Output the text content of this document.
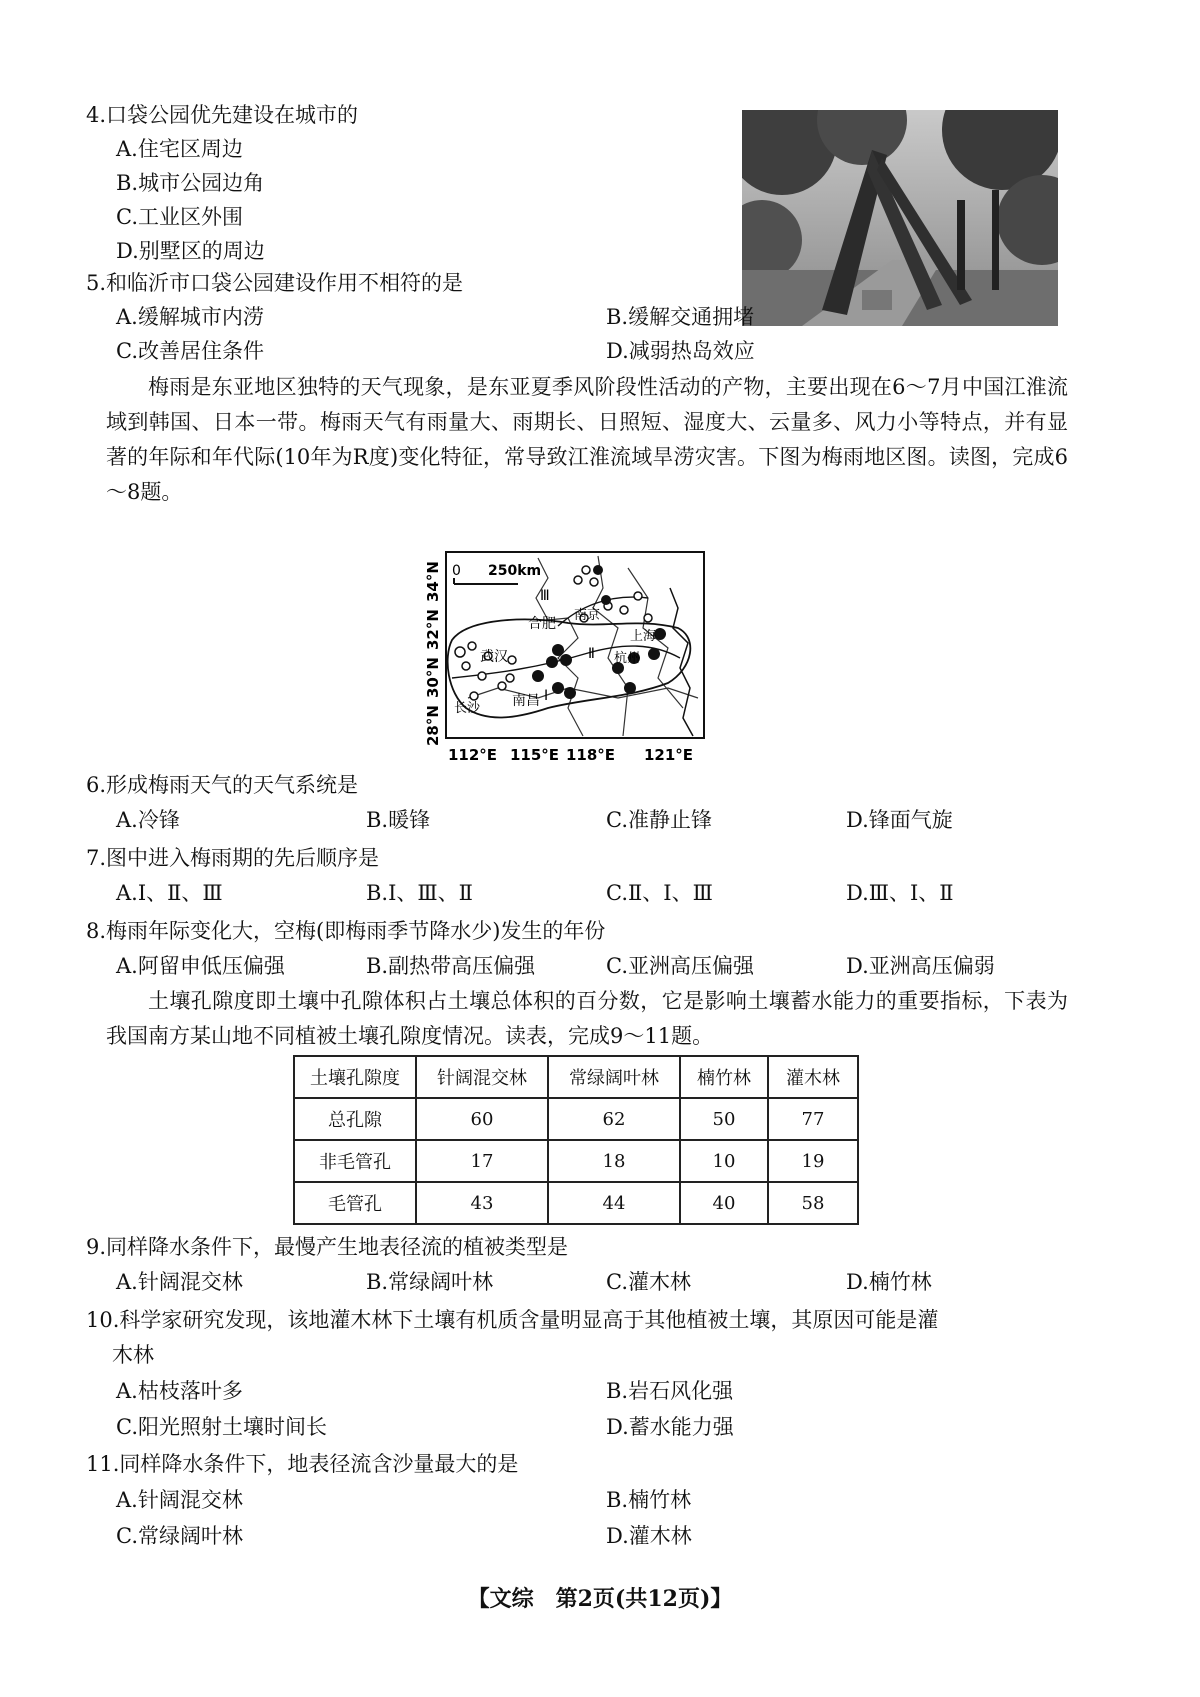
4.口袋公园优先建设在城市的
A.住宅区周边
B.城市公园边角
C.工业区外围
D.别墅区的周边
5.和临沂市口袋公园建设作用不相符的是
A.缓解城市内涝	B.缓解交通拥堵
C.改善居住条件	D.减弱热岛效应
梅雨是东亚地区独特的天气现象，是东亚夏季风阶段性活动的产物，主要出现在6～7月中国江淮流域到韩国、日本一带。梅雨天气有雨量大、雨期长、日照短、湿度大、云量多、风力小等特点，并有显著的年际和年代际(10年为R度)变化特征，常导致江淮流域旱涝灾害。下图为梅雨地区图。读图，完成6～8题。
0 250km
合肥
武汉
南京
上海
杭州
长沙 南昌 Ⅰ
Ⅱ
Ⅲ
34°N
32°N
30°N
28°N
112°E 115°E 118°E 121°E
6.形成梅雨天气的天气系统是
A.冷锋	B.暖锋	C.准静止锋	D.锋面气旋
7.图中进入梅雨期的先后顺序是
A.Ⅰ、Ⅱ、Ⅲ	B.Ⅰ、Ⅲ、Ⅱ	C.Ⅱ、Ⅰ、Ⅲ	D.Ⅲ、Ⅰ、Ⅱ
8.梅雨年际变化大，空梅(即梅雨季节降水少)发生的年份
A.阿留申低压偏强	B.副热带高压偏强	C.亚洲高压偏强	D.亚洲高压偏弱
土壤孔隙度即土壤中孔隙体积占土壤总体积的百分数，它是影响土壤蓄水能力的重要指标，下表为我国南方某山地不同植被土壤孔隙度情况。读表，完成9～11题。
土壤孔隙度	针阔混交林	常绿阔叶林	楠竹林	灌木林
总孔隙	60	62	50	77
非毛管孔	17	18	10	19
毛管孔	43	44	40	58
9.同样降水条件下，最慢产生地表径流的植被类型是
A.针阔混交林	B.常绿阔叶林	C.灌木林	D.楠竹林
10.科学家研究发现，该地灌木林下土壤有机质含量明显高于其他植被土壤，其原因可能是灌
木林
A.枯枝落叶多	B.岩石风化强
C.阳光照射土壤时间长	D.蓄水能力强
11.同样降水条件下，地表径流含沙量最大的是
A.针阔混交林	B.楠竹林
C.常绿阔叶林	D.灌木林
【文综　第2页(共12页)】
